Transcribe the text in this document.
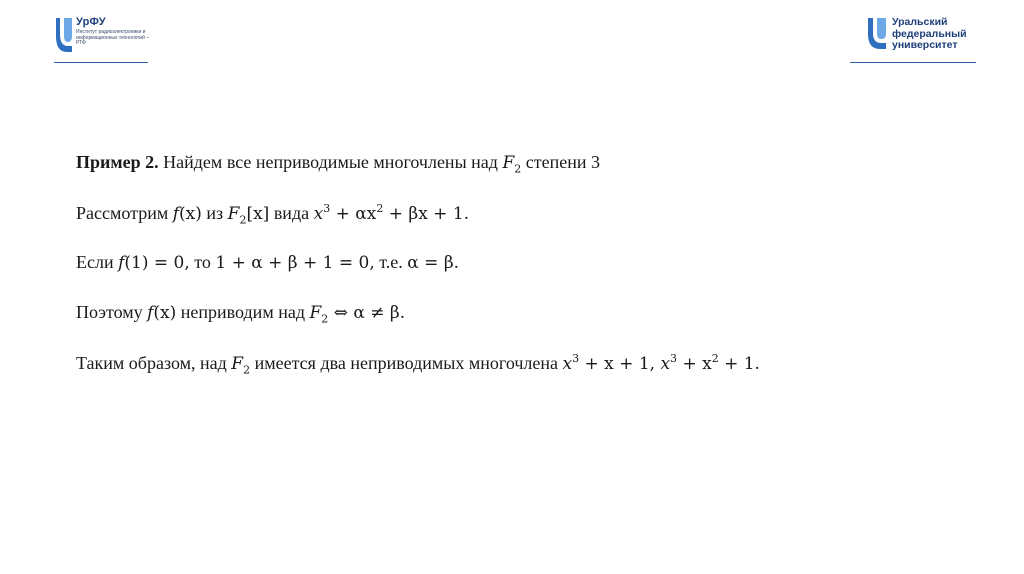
УрФУ
Институт радиоэлектроники и информационных технологий – РТФ
Уральский
федеральный
университет
Пример 2. Найдем все неприводимые многочлены над $F_2$ степени 3
Рассмотрим f(x) из $F_2[x]$ вида $x^3 + \alpha x^2 + \beta x + 1$.
Если f(1) = 0, то 1 + α + β + 1 = 0, т.е. α = β.
Поэтому f(x) неприводим над $F_2$ ⇔ α ≠ β.
Таким образом, над $F_2$ имеется два неприводимых многочлена $x^3 + x + 1$, $x^3 + x^2 + 1$.
